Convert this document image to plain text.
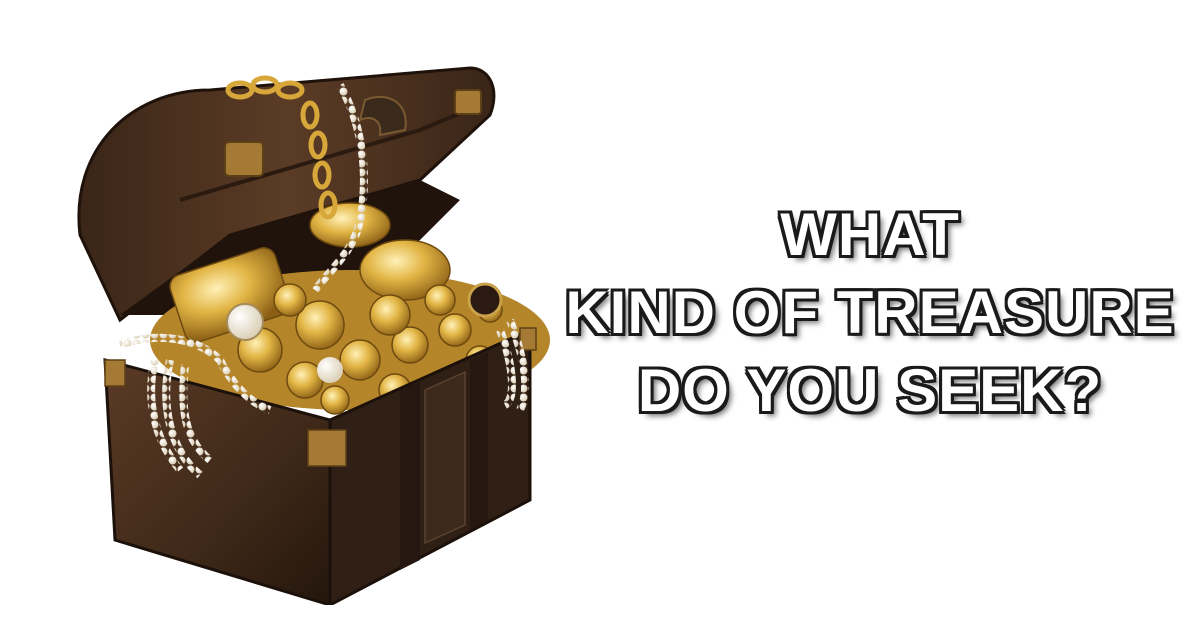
WHAT
KIND OF TREASURE
DO YOU SEEK?
